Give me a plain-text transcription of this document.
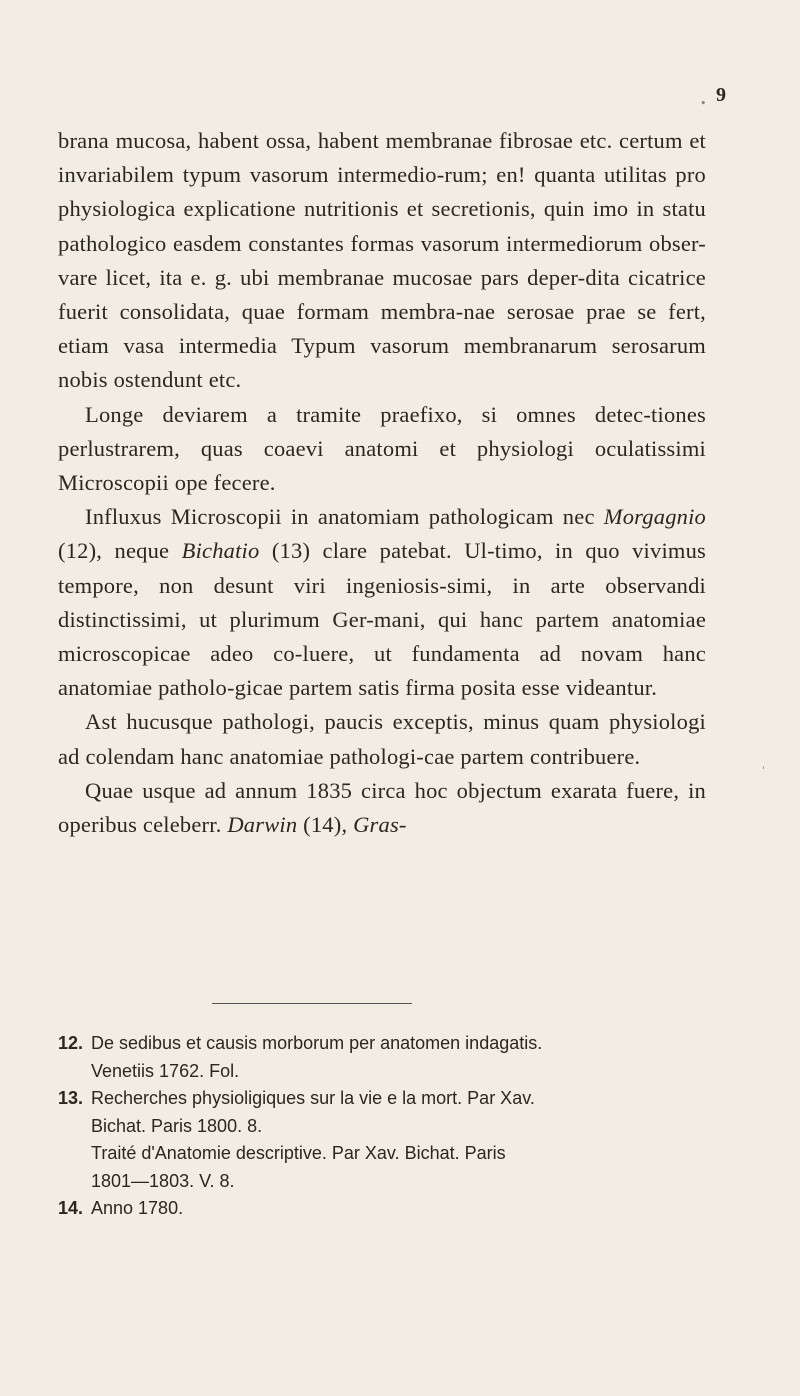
9

brana mucosa, habent ossa, habent membranae fibrosae etc. certum et invariabilem typum vasorum intermedio-rum; en! quanta utilitas pro physiologica explicatione nutritionis et secretionis, quin imo in statu pathologico easdem constantes formas vasorum intermediorum obser-vare licet, ita e. g. ubi membranae mucosae pars deper-dita cicatrice fuerit consolidata, quae formam membra-nae serosae prae se fert, etiam vasa intermedia Typum vasorum membranarum serosarum nobis ostendunt etc.

Longe deviarem a tramite praefixo, si omnes detec-tiones perlustrarem, quas coaevi anatomi et physiologi oculatissimi Microscopii ope fecere.

Influxus Microscopii in anatomiam pathologicam nec Morgagnio (12), neque Bichatio (13) clare patebat. Ul-timo, in quo vivimus tempore, non desunt viri ingeniosis-simi, in arte observandi distinctissimi, ut plurimum Ger-mani, qui hanc partem anatomiae microscopicae adeo co-luere, ut fundamenta ad novam hanc anatomiae patholo-gicae partem satis firma posita esse videantur.

Ast hucusque pathologi, paucis exceptis, minus quam physiologi ad colendam hanc anatomiae pathologi-cae partem contribuere.

Quae usque ad annum 1835 circa hoc objectum exarata fuere, in operibus celeberr. Darwin (14), Gras-

12. De sedibus et causis morborum per anatomen indagatis.
Venetiis 1762. Fol.
13. Recherches physioligiques sur la vie e la mort. Par Xav.
Bichat. Paris 1800. 8.
Traité d'Anatomie descriptive. Par Xav. Bichat. Paris
1801—1803. V. 8.
14. Anno 1780.
•
ˈ
